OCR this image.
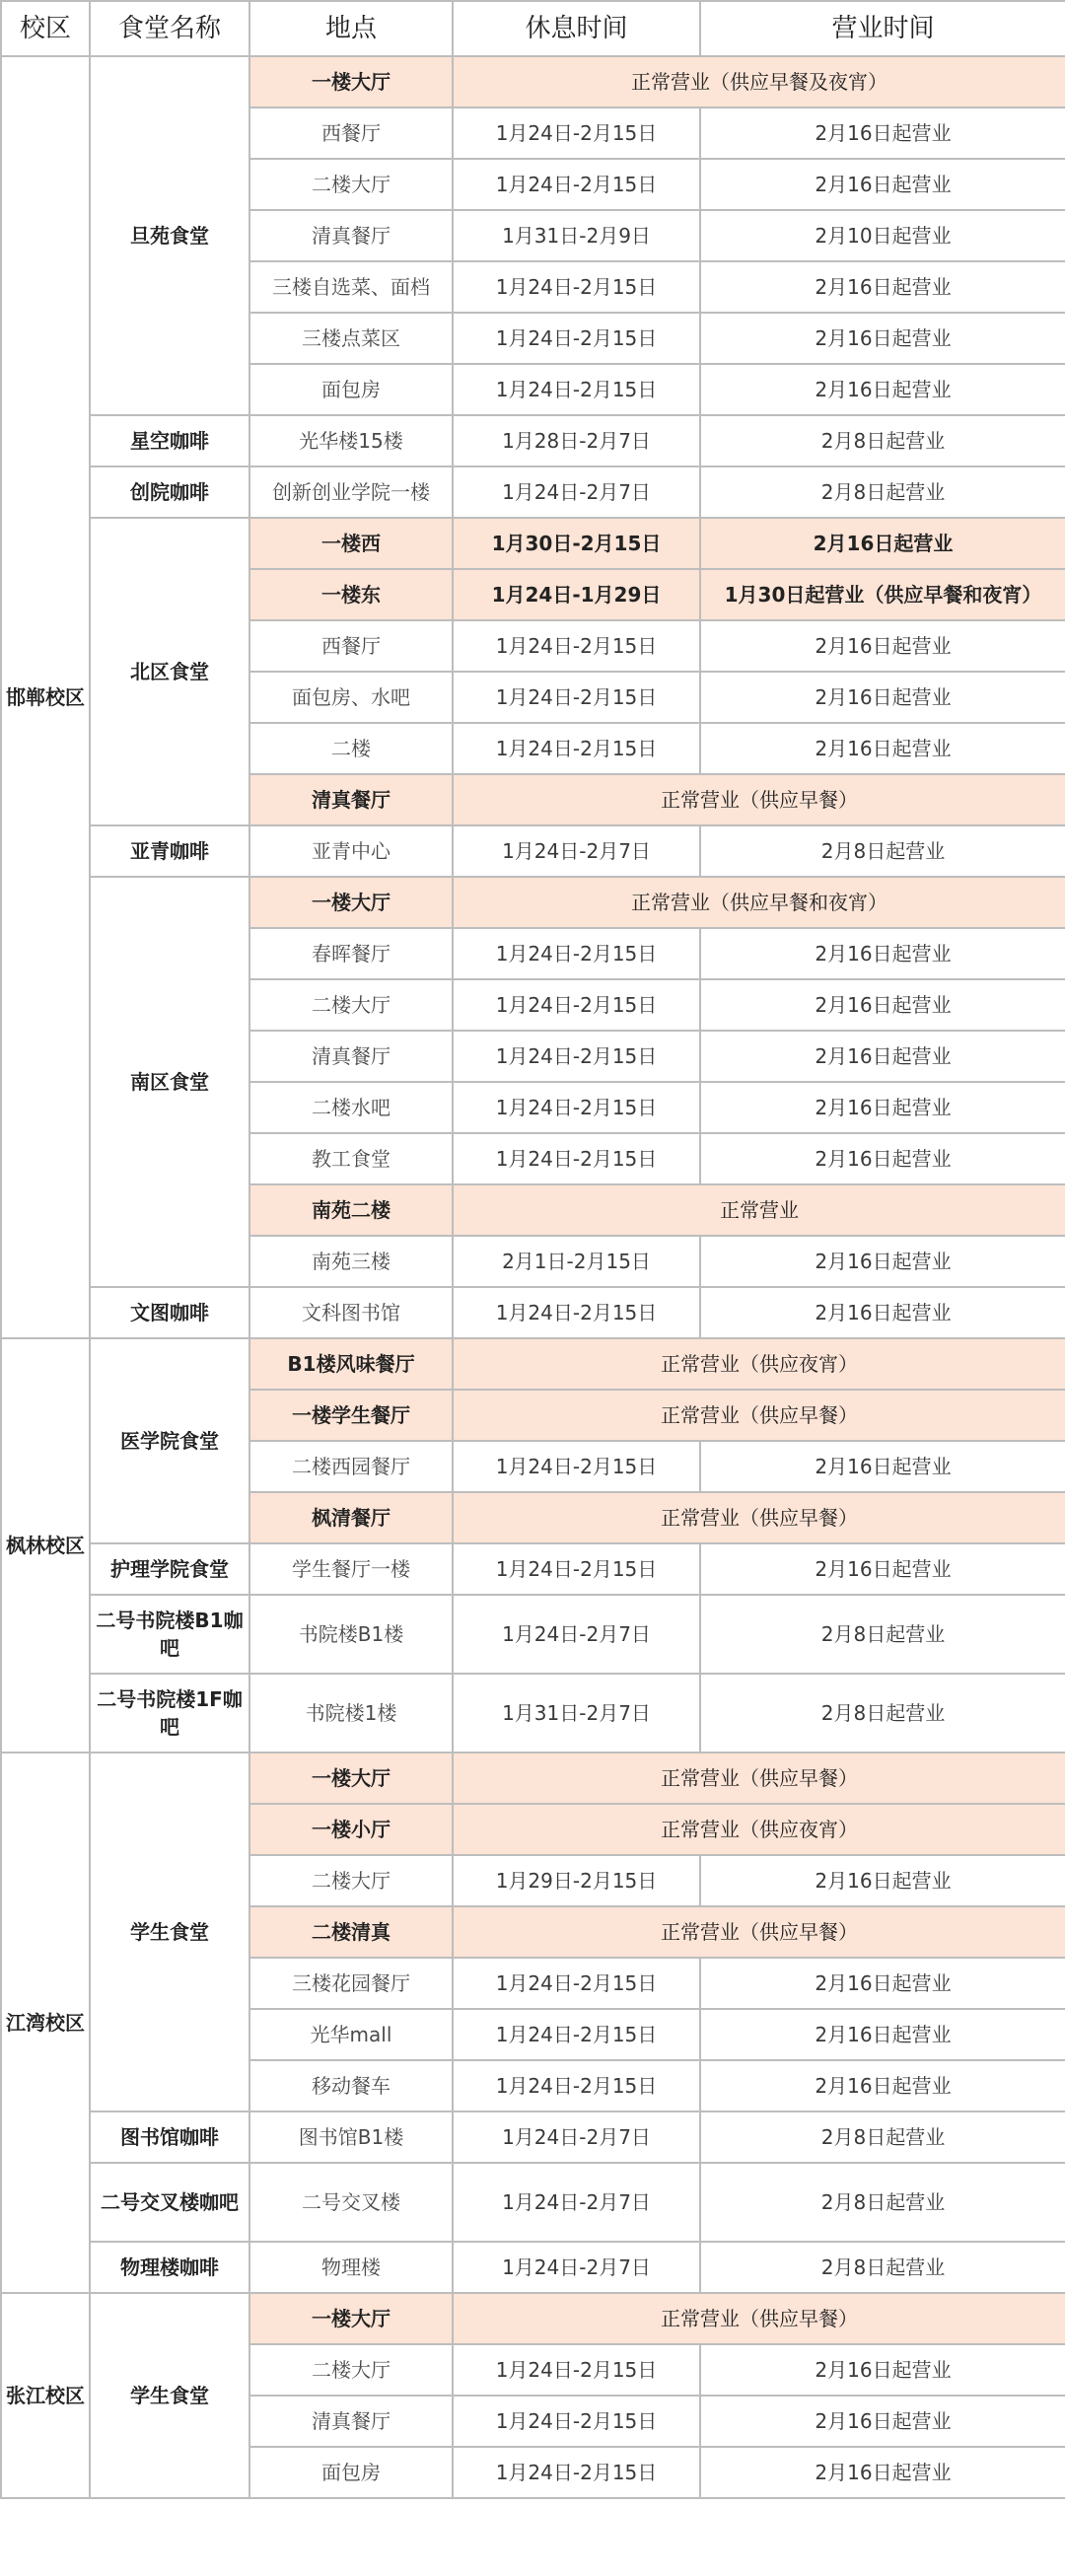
校区	食堂名称	地点	休息时间	营业时间
邯郸校区	旦苑食堂	一楼大厅	正常营业（供应早餐及夜宵）	
		西餐厅	1月24日-2月15日	2月16日起营业
		二楼大厅	1月24日-2月15日	2月16日起营业
		清真餐厅	1月31日-2月9日	2月10日起营业
		三楼自选菜、面档	1月24日-2月15日	2月16日起营业
		三楼点菜区	1月24日-2月15日	2月16日起营业
		面包房	1月24日-2月15日	2月16日起营业
	星空咖啡	光华楼15楼	1月28日-2月7日	2月8日起营业
	创院咖啡	创新创业学院一楼	1月24日-2月7日	2月8日起营业
	北区食堂	一楼西	1月30日-2月15日	2月16日起营业
		一楼东	1月24日-1月29日	1月30日起营业（供应早餐和夜宵）
		西餐厅	1月24日-2月15日	2月16日起营业
		面包房、水吧	1月24日-2月15日	2月16日起营业
		二楼	1月24日-2月15日	2月16日起营业
		清真餐厅	正常营业（供应早餐）	
	亚青咖啡	亚青中心	1月24日-2月7日	2月8日起营业
	南区食堂	一楼大厅	正常营业（供应早餐和夜宵）	
		春晖餐厅	1月24日-2月15日	2月16日起营业
		二楼大厅	1月24日-2月15日	2月16日起营业
		清真餐厅	1月24日-2月15日	2月16日起营业
		二楼水吧	1月24日-2月15日	2月16日起营业
		教工食堂	1月24日-2月15日	2月16日起营业
		南苑二楼	正常营业	
		南苑三楼	2月1日-2月15日	2月16日起营业
	文图咖啡	文科图书馆	1月24日-2月15日	2月16日起营业
枫林校区	医学院食堂	B1楼风味餐厅	正常营业（供应夜宵）	
		一楼学生餐厅	正常营业（供应早餐）	
		二楼西园餐厅	1月24日-2月15日	2月16日起营业
		枫清餐厅	正常营业（供应早餐）	
	护理学院食堂	学生餐厅一楼	1月24日-2月15日	2月16日起营业
	二号书院楼B1咖吧	书院楼B1楼	1月24日-2月7日	2月8日起营业
	二号书院楼1F咖吧	书院楼1楼	1月31日-2月7日	2月8日起营业
江湾校区	学生食堂	一楼大厅	正常营业（供应早餐）	
		一楼小厅	正常营业（供应夜宵）	
		二楼大厅	1月29日-2月15日	2月16日起营业
		二楼清真	正常营业（供应早餐）	
		三楼花园餐厅	1月24日-2月15日	2月16日起营业
		光华mall	1月24日-2月15日	2月16日起营业
		移动餐车	1月24日-2月15日	2月16日起营业
	图书馆咖啡	图书馆B1楼	1月24日-2月7日	2月8日起营业
	二号交叉楼咖吧	二号交叉楼	1月24日-2月7日	2月8日起营业
	物理楼咖啡	物理楼	1月24日-2月7日	2月8日起营业
张江校区	学生食堂	一楼大厅	正常营业（供应早餐）	
		二楼大厅	1月24日-2月15日	2月16日起营业
		清真餐厅	1月24日-2月15日	2月16日起营业
		面包房	1月24日-2月15日	2月16日起营业
